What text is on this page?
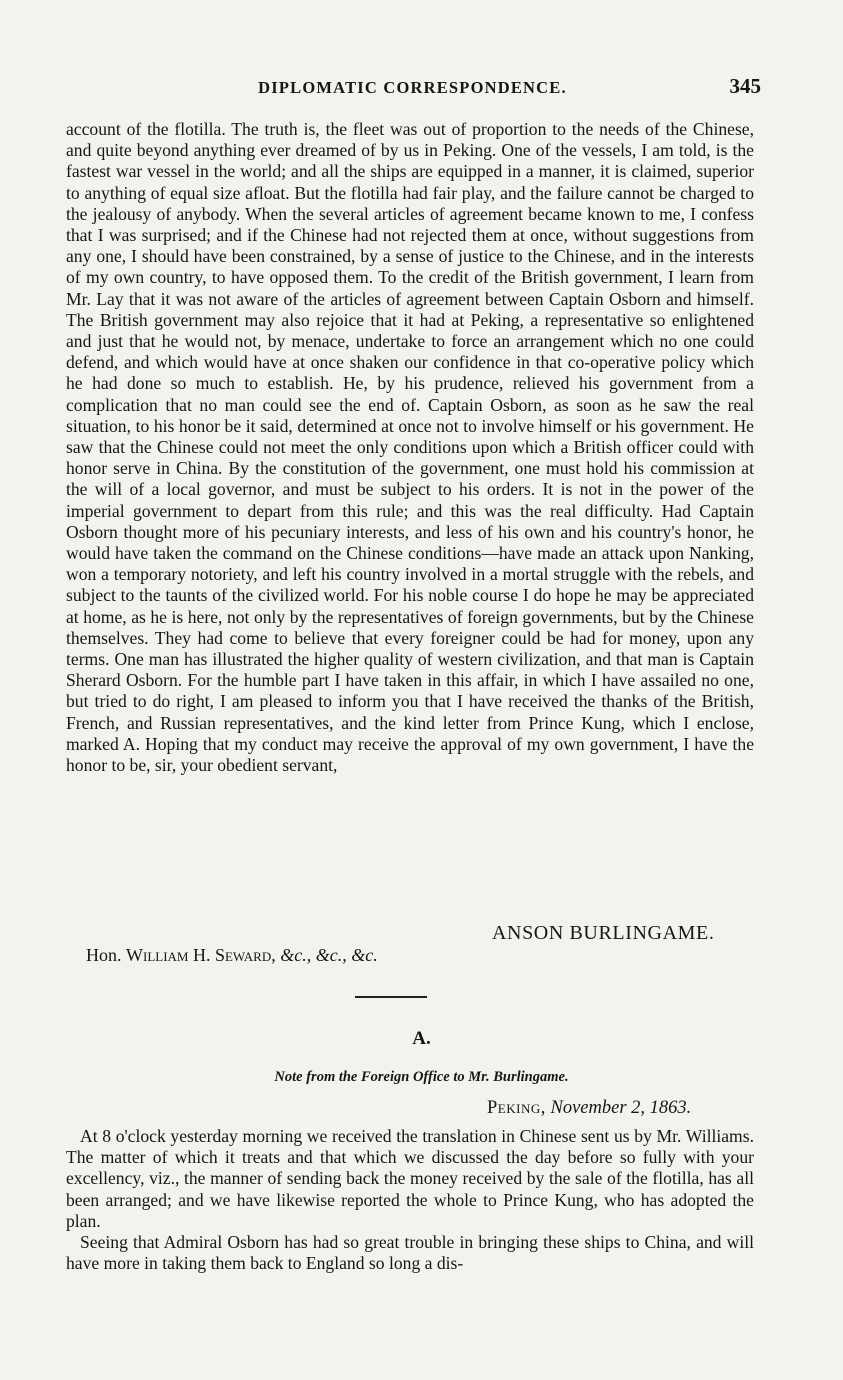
DIPLOMATIC CORRESPONDENCE.	345

account of the flotilla. The truth is, the fleet was out of proportion to the needs of the Chinese, and quite beyond anything ever dreamed of by us in Peking. One of the vessels, I am told, is the fastest war vessel in the world; and all the ships are equipped in a manner, it is claimed, superior to anything of equal size afloat. But the flotilla had fair play, and the failure cannot be charged to the jealousy of anybody. When the several articles of agreement became known to me, I confess that I was surprised; and if the Chinese had not rejected them at once, without suggestions from any one, I should have been constrained, by a sense of justice to the Chinese, and in the interests of my own country, to have opposed them. To the credit of the British government, I learn from Mr. Lay that it was not aware of the articles of agreement between Captain Osborn and himself. The British government may also rejoice that it had at Peking, a representative so enlightened and just that he would not, by menace, undertake to force an arrangement which no one could defend, and which would have at once shaken our confidence in that co-operative policy which he had done so much to establish. He, by his prudence, relieved his government from a complication that no man could see the end of. Captain Osborn, as soon as he saw the real situation, to his honor be it said, determined at once not to involve himself or his government. He saw that the Chinese could not meet the only conditions upon which a British officer could with honor serve in China. By the constitution of the government, one must hold his commission at the will of a local governor, and must be subject to his orders. It is not in the power of the imperial government to depart from this rule; and this was the real difficulty. Had Captain Osborn thought more of his pecuniary interests, and less of his own and his country's honor, he would have taken the command on the Chinese conditions—have made an attack upon Nanking, won a temporary notoriety, and left his country involved in a mortal struggle with the rebels, and subject to the taunts of the civilized world. For his noble course I do hope he may be appreciated at home, as he is here, not only by the representatives of foreign governments, but by the Chinese themselves. They had come to believe that every foreigner could be had for money, upon any terms. One man has illustrated the higher quality of western civilization, and that man is Captain Sherard Osborn. For the humble part I have taken in this affair, in which I have assailed no one, but tried to do right, I am pleased to inform you that I have received the thanks of the British, French, and Russian representatives, and the kind letter from Prince Kung, which I enclose, marked A. Hoping that my conduct may receive the approval of my own government, I have the honor to be, sir, your obedient servant,

ANSON BURLINGAME.
Hon. William H. Seward, &c., &c., &c.
A.
Note from the Foreign Office to Mr. Burlingame.
Peking, November 2, 1863.

At 8 o'clock yesterday morning we received the translation in Chinese sent us by Mr. Williams. The matter of which it treats and that which we discussed the day before so fully with your excellency, viz., the manner of sending back the money received by the sale of the flotilla, has all been arranged; and we have likewise reported the whole to Prince Kung, who has adopted the plan.

Seeing that Admiral Osborn has had so great trouble in bringing these ships to China, and will have more in taking them back to England so long a dis-
